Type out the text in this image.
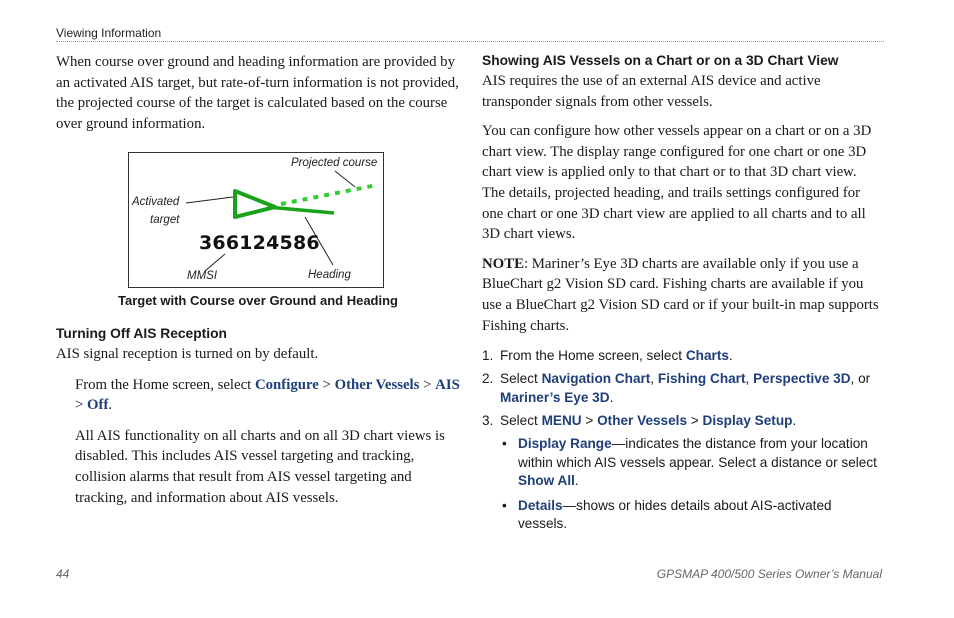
Viewing Information

When course over ground and heading information are provided by an activated AIS target, but rate-of-turn information is not provided, the projected course of the target is calculated based on the course over ground information.

Projected course
Activated
target
366124586
MMSI	Heading
Target with Course over Ground and Heading

Turning Off AIS Reception

AIS signal reception is turned on by default.

From the Home screen, select Configure > Other Vessels > AIS > Off.

All AIS functionality on all charts and on all 3D chart views is disabled. This includes AIS vessel targeting and tracking, collision alarms that result from AIS vessel targeting and tracking, and information about AIS vessels.

Showing AIS Vessels on a Chart or on a 3D Chart View

AIS requires the use of an external AIS device and active transponder signals from other vessels.

You can configure how other vessels appear on a chart or on a 3D chart view. The display range configured for one chart or one 3D chart view is applied only to that chart or to that 3D chart view. The details, projected heading, and trails settings configured for one chart or one 3D chart view are applied to all charts and to all 3D chart views.

NOTE: Mariner’s Eye 3D charts are available only if you use a BlueChart g2 Vision SD card. Fishing charts are available if you use a BlueChart g2 Vision SD card or if your built-in map supports Fishing charts.

1. From the Home screen, select Charts.

2. Select Navigation Chart, Fishing Chart, Perspective 3D, or Mariner’s Eye 3D.

3. Select MENU > Other Vessels > Display Setup.

• Display Range—indicates the distance from your location within which AIS vessels appear. Select a distance or select Show All.

• Details—shows or hides details about AIS-activated vessels.

44	GPSMAP 400/500 Series Owner’s Manual
